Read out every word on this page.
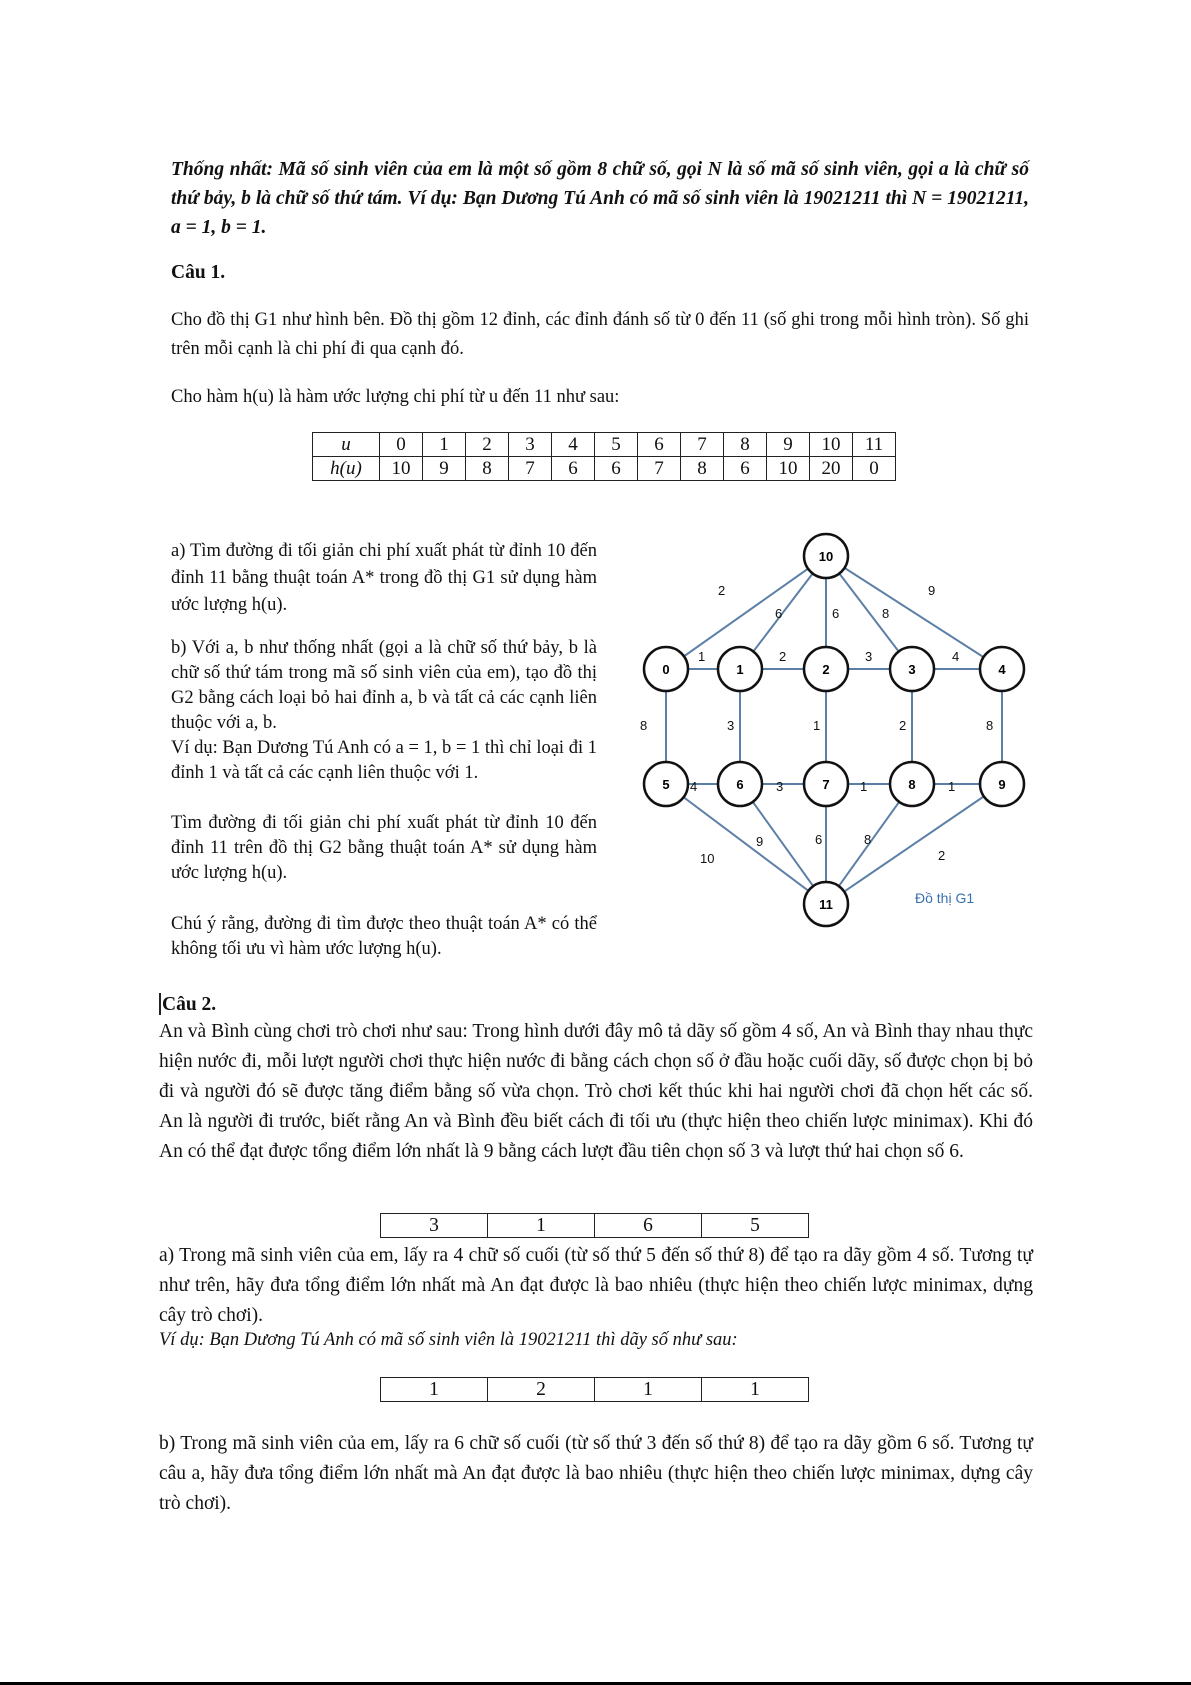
Thống nhất: Mã số sinh viên của em là một số gồm 8 chữ số, gọi N là số mã số sinh viên, gọi a là chữ số thứ bảy, b là chữ số thứ tám. Ví dụ: Bạn Dương Tú Anh có mã số sinh viên là 19021211 thì N = 19021211, a = 1, b = 1.

Câu 1.

Cho đồ thị G1 như hình bên. Đồ thị gồm 12 đỉnh, các đỉnh đánh số từ 0 đến 11 (số ghi trong mỗi hình tròn). Số ghi trên mỗi cạnh là chi phí đi qua cạnh đó.

Cho hàm h(u) là hàm ước lượng chi phí từ u đến 11 như sau:

u	0	1	2	3	4	5	6	7	8	9	10	11
h(u)	10	9	8	7	6	6	7	8	6	10	20	0

a) Tìm đường đi tối giản chi phí xuất phát từ đỉnh 10 đến đỉnh 11 bằng thuật toán A* trong đồ thị G1 sử dụng hàm ước lượng h(u).

b) Với a, b như thống nhất (gọi a là chữ số thứ bảy, b là chữ số thứ tám trong mã số sinh viên của em), tạo đồ thị G2 bằng cách loại bỏ hai đỉnh a, b và tất cả các cạnh liên thuộc với a, b.

Ví dụ: Bạn Dương Tú Anh có a = 1, b = 1 thì chỉ loại đi 1 đỉnh 1 và tất cả các cạnh liên thuộc với 1.

Tìm đường đi tối giản chi phí xuất phát từ đỉnh 10 đến đỉnh 11 trên đồ thị G2 bằng thuật toán A* sử dụng hàm ước lượng h(u).

Chú ý rằng, đường đi tìm được theo thuật toán A* có thể không tối ưu vì hàm ước lượng h(u).

2	9
6	6	8
1	2	3	4
8	3	1	2	8
4	3	1	1
10
9	6	8
2
10
0	1	2	3	4
5	6	7	8	9
11	Đồ thị G1

Câu 2.

An và Bình cùng chơi trò chơi như sau: Trong hình dưới đây mô tả dãy số gồm 4 số, An và Bình thay nhau thực hiện nước đi, mỗi lượt người chơi thực hiện nước đi bằng cách chọn số ở đầu hoặc cuối dãy, số được chọn bị bỏ đi và người đó sẽ được tăng điểm bằng số vừa chọn. Trò chơi kết thúc khi hai người chơi đã chọn hết các số. An là người đi trước, biết rằng An và Bình đều biết cách đi tối ưu (thực hiện theo chiến lược minimax). Khi đó An có thể đạt được tổng điểm lớn nhất là 9 bằng cách lượt đầu tiên chọn số 3 và lượt thứ hai chọn số 6.

3	1	6	5

a) Trong mã sinh viên của em, lấy ra 4 chữ số cuối (từ số thứ 5 đến số thứ 8) để tạo ra dãy gồm 4 số. Tương tự như trên, hãy đưa tổng điểm lớn nhất mà An đạt được là bao nhiêu (thực hiện theo chiến lược minimax, dựng cây trò chơi).

Ví dụ: Bạn Dương Tú Anh có mã số sinh viên là 19021211 thì dãy số như sau:

1	2	1	1

b) Trong mã sinh viên của em, lấy ra 6 chữ số cuối (từ số thứ 3 đến số thứ 8) để tạo ra dãy gồm 6 số. Tương tự câu a, hãy đưa tổng điểm lớn nhất mà An đạt được là bao nhiêu (thực hiện theo chiến lược minimax, dựng cây trò chơi).
